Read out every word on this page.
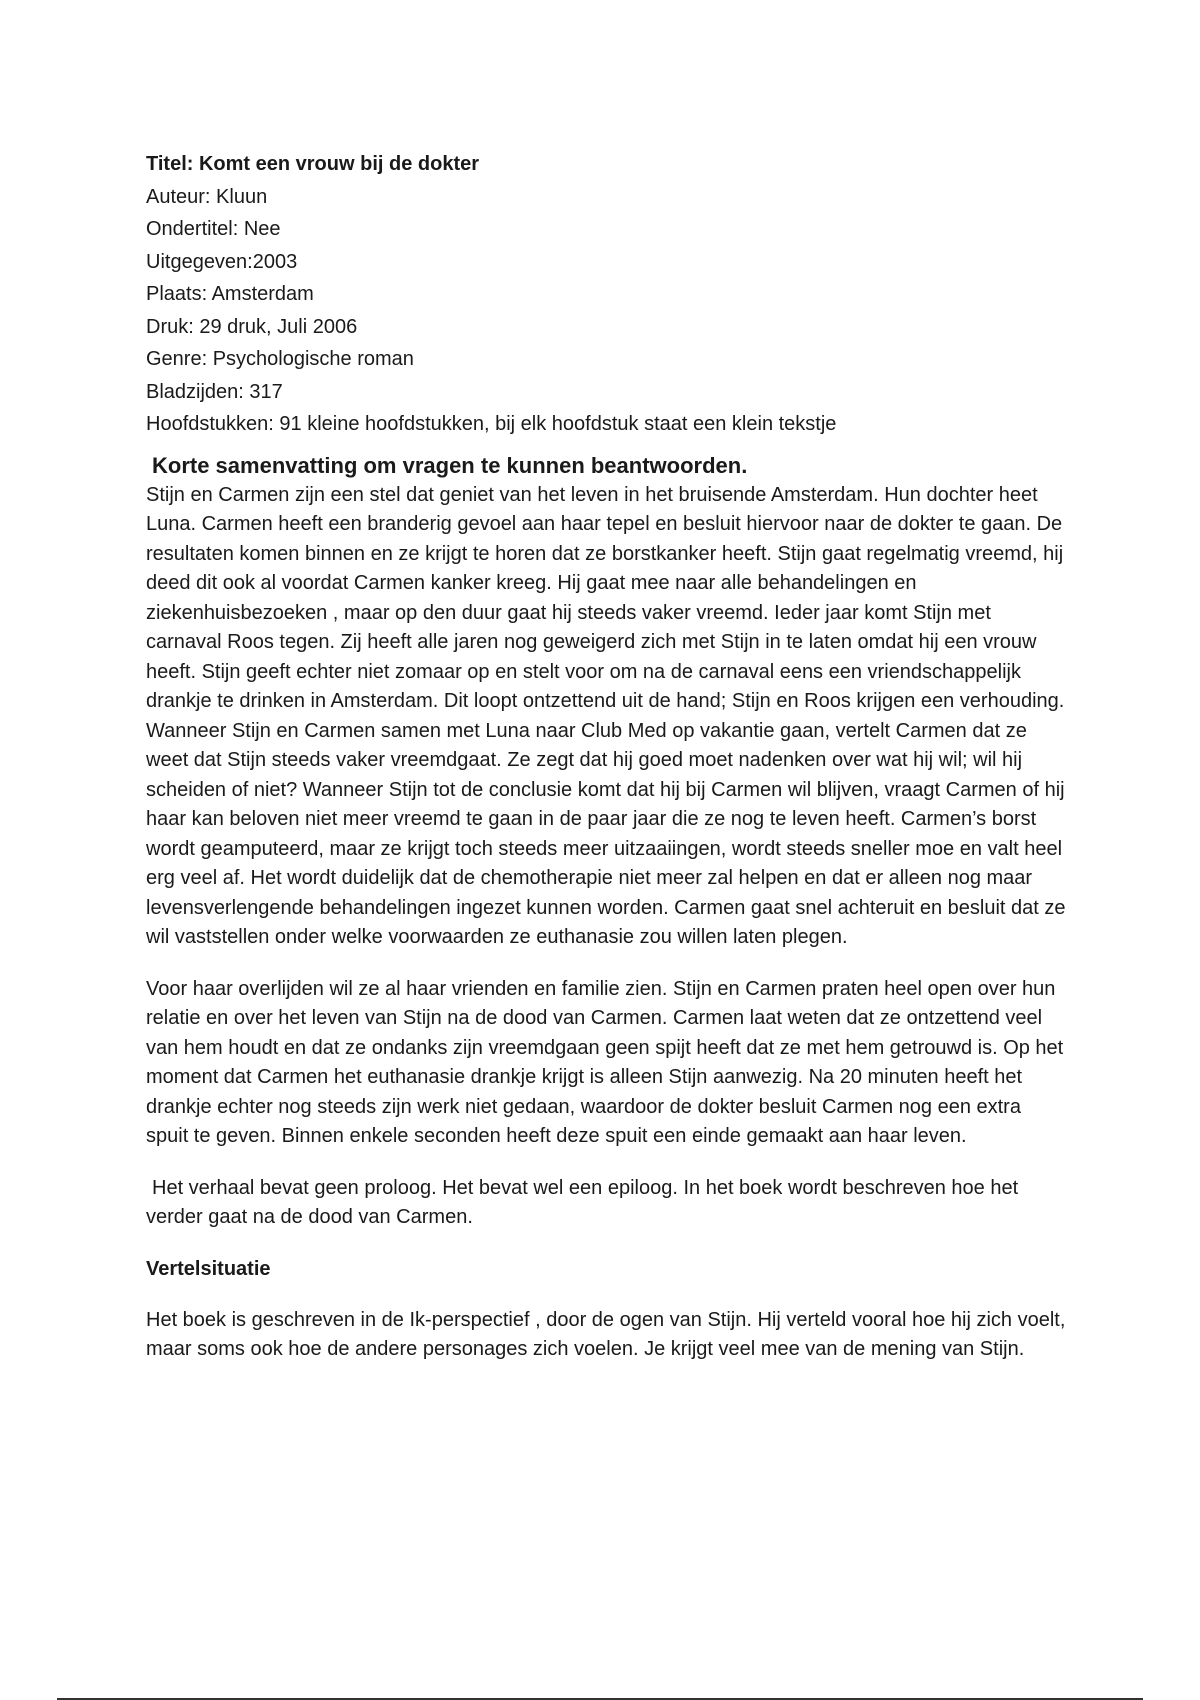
Titel: Komt een vrouw bij de dokter

Auteur: Kluun

Ondertitel: Nee

Uitgegeven:2003

Plaats: Amsterdam

Druk: 29 druk, Juli 2006

Genre: Psychologische roman

Bladzijden: 317

Hoofdstukken: 91 kleine hoofdstukken, bij elk hoofdstuk staat een klein tekstje

Korte samenvatting om vragen te kunnen beantwoorden.

Stijn en Carmen zijn een stel dat geniet van het leven in het bruisende Amsterdam. Hun dochter heet Luna. Carmen heeft een branderig gevoel aan haar tepel en besluit hiervoor naar de dokter te gaan. De resultaten komen binnen en ze krijgt te horen dat ze borstkanker heeft. Stijn gaat regelmatig vreemd, hij deed dit ook al voordat Carmen kanker kreeg. Hij gaat mee naar alle behandelingen en ziekenhuisbezoeken , maar op den duur gaat hij steeds vaker vreemd. Ieder jaar komt Stijn met carnaval Roos tegen. Zij heeft alle jaren nog geweigerd zich met Stijn in te laten omdat hij een vrouw heeft. Stijn geeft echter niet zomaar op en stelt voor om na de carnaval eens een vriendschappelijk drankje te drinken in Amsterdam. Dit loopt ontzettend uit de hand; Stijn en Roos krijgen een verhouding. Wanneer Stijn en Carmen samen met Luna naar Club Med op vakantie gaan, vertelt Carmen dat ze weet dat Stijn steeds vaker vreemdgaat. Ze zegt dat hij goed moet nadenken over wat hij wil; wil hij scheiden of niet? Wanneer Stijn tot de conclusie komt dat hij bij Carmen wil blijven, vraagt Carmen of hij haar kan beloven niet meer vreemd te gaan in de paar jaar die ze nog te leven heeft. Carmen’s borst wordt geamputeerd, maar ze krijgt toch steeds meer uitzaaiingen, wordt steeds sneller moe en valt heel erg veel af. Het wordt duidelijk dat de chemotherapie niet meer zal helpen en dat er alleen nog maar levensverlengende behandelingen ingezet kunnen worden. Carmen gaat snel achteruit en besluit dat ze wil vaststellen onder welke voorwaarden ze euthanasie zou willen laten plegen.

Voor haar overlijden wil ze al haar vrienden en familie zien. Stijn en Carmen praten heel open over hun relatie en over het leven van Stijn na de dood van Carmen. Carmen laat weten dat ze ontzettend veel van hem houdt en dat ze ondanks zijn vreemdgaan geen spijt heeft dat ze met hem getrouwd is. Op het moment dat Carmen het euthanasie drankje krijgt is alleen Stijn aanwezig. Na 20 minuten heeft het drankje echter nog steeds zijn werk niet gedaan, waardoor de dokter besluit Carmen nog een extra spuit te geven. Binnen enkele seconden heeft deze spuit een einde gemaakt aan haar leven.

Het verhaal bevat geen proloog. Het bevat wel een epiloog. In het boek wordt beschreven hoe het verder gaat na de dood van Carmen.

Vertelsituatie

Het boek is geschreven in de Ik-perspectief , door de ogen van Stijn. Hij verteld vooral hoe hij zich voelt, maar soms ook hoe de andere personages zich voelen. Je krijgt veel mee van de mening van Stijn.
